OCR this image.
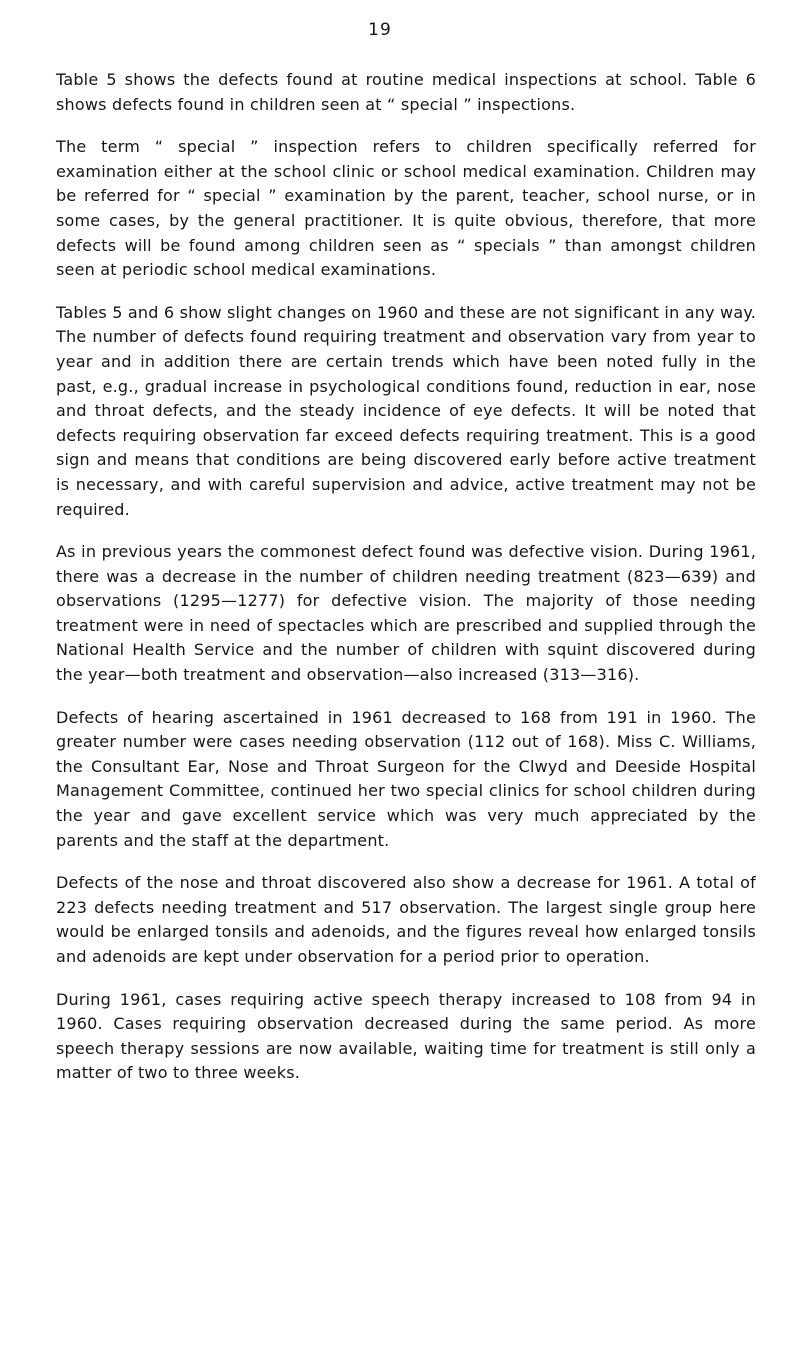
19

Table 5 shows the defects found at routine medical inspections at school. Table 6 shows defects found in children seen at “ special ” inspections.

The term “ special ” inspection refers to children specifically referred for examination either at the school clinic or school medical examination. Children may be referred for “ special ” examination by the parent, teacher, school nurse, or in some cases, by the general practitioner. It is quite obvious, therefore, that more defects will be found among children seen as “ specials ” than amongst children seen at periodic school medical examinations.

Tables 5 and 6 show slight changes on 1960 and these are not significant in any way. The number of defects found requiring treatment and observation vary from year to year and in addition there are certain trends which have been noted fully in the past, e.g., gradual increase in psychological conditions found, reduction in ear, nose and throat defects, and the steady incidence of eye defects. It will be noted that defects requiring observation far exceed defects requiring treatment. This is a good sign and means that conditions are being discovered early before active treatment is necessary, and with careful supervision and advice, active treatment may not be required.

As in previous years the commonest defect found was defective vision. During 1961, there was a decrease in the number of children needing treatment (823—639) and observations (1295—1277) for defective vision. The majority of those needing treatment were in need of spectacles which are prescribed and supplied through the National Health Service and the number of children with squint discovered during the year—both treatment and observation—also increased (313—316).

Defects of hearing ascertained in 1961 decreased to 168 from 191 in 1960. The greater number were cases needing observation (112 out of 168). Miss C. Williams, the Consultant Ear, Nose and Throat Surgeon for the Clwyd and Deeside Hospital Management Committee, continued her two special clinics for school children during the year and gave excellent service which was very much appreciated by the parents and the staff at the department.

Defects of the nose and throat discovered also show a decrease for 1961. A total of 223 defects needing treatment and 517 observation. The largest single group here would be enlarged tonsils and adenoids, and the figures reveal how enlarged tonsils and adenoids are kept under observation for a period prior to operation.

During 1961, cases requiring active speech therapy increased to 108 from 94 in 1960. Cases requiring observation decreased during the same period. As more speech therapy sessions are now available, waiting time for treatment is still only a matter of two to three weeks.
